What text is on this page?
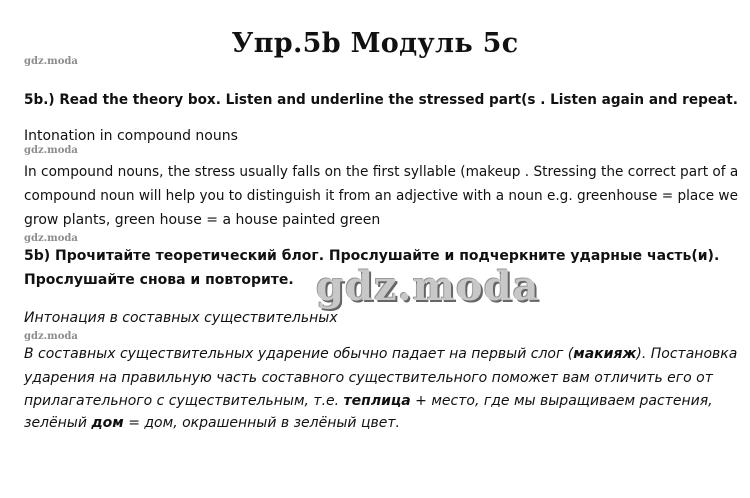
Упр.5b Модуль 5с
gdz.moda
5b.) Read the theory box. Listen and underline the stressed part(s . Listen again and repeat.
Intonation in compound nouns
gdz.moda
In compound nouns, the stress usually falls on the first syllable (makeup . Stressing the correct part of a
compound noun will help you to distinguish it from an adjective with a noun e.g. greenhouse = place we
grow plants, green house = a house painted green
gdz.moda
5b) Прочитайте теоретический блог. Прослушайте и подчеркните ударные часть(и).
Прослушайте снова и повторите. gdz.moda
Интонация в составных существительных
gdz.moda
В составных существительных ударение обычно падает на первый слог (макияж). Постановка
ударения на правильную часть составного существительного поможет вам отличить его от
прилагательного с существительным, т.е. теплица + место, где мы выращиваем растения,
зелёный дом = дом, окрашенный в зелёный цвет.
